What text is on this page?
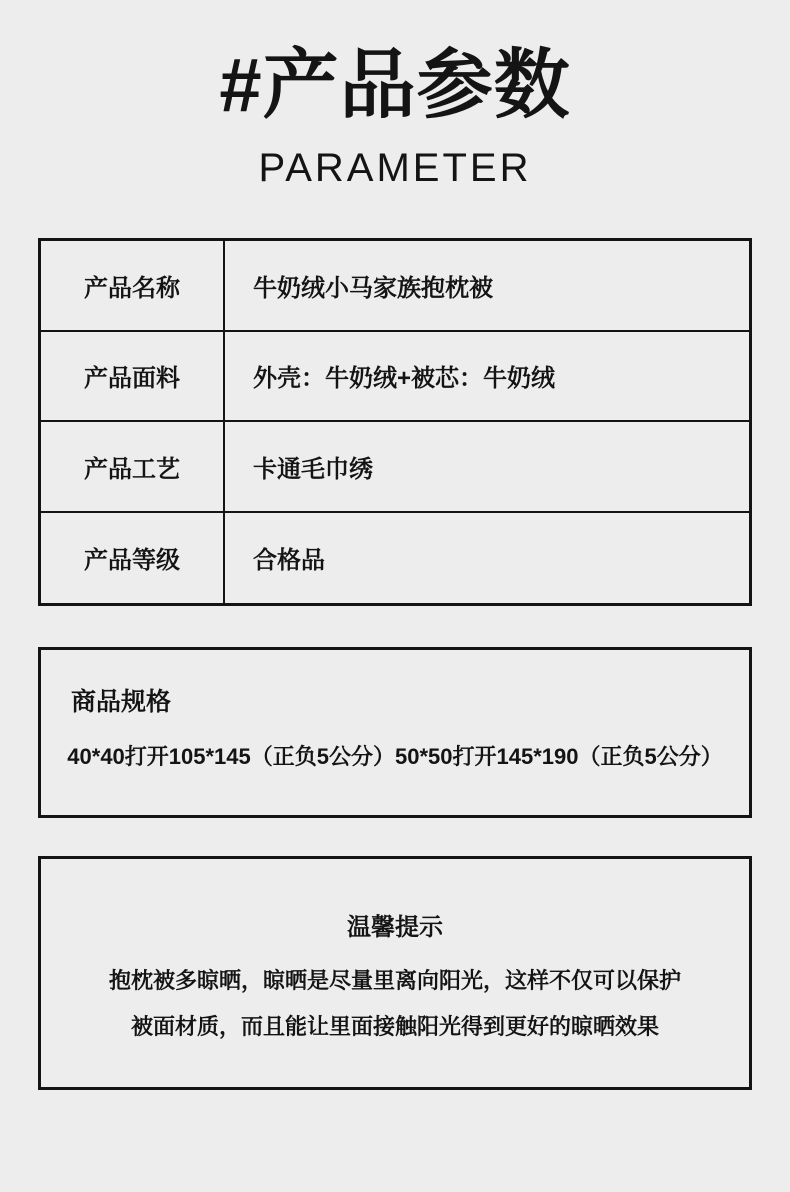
#产品参数
PARAMETER
产品名称	牛奶绒小马家族抱枕被
产品面料	外壳：牛奶绒+被芯：牛奶绒
产品工艺	卡通毛巾绣
产品等级	合格品
商品规格
40*40打开105*145（正负5公分）50*50打开145*190（正负5公分）
温馨提示
抱枕被多晾晒，晾晒是尽量里离向阳光，这样不仅可以保护
被面材质，而且能让里面接触阳光得到更好的晾晒效果
